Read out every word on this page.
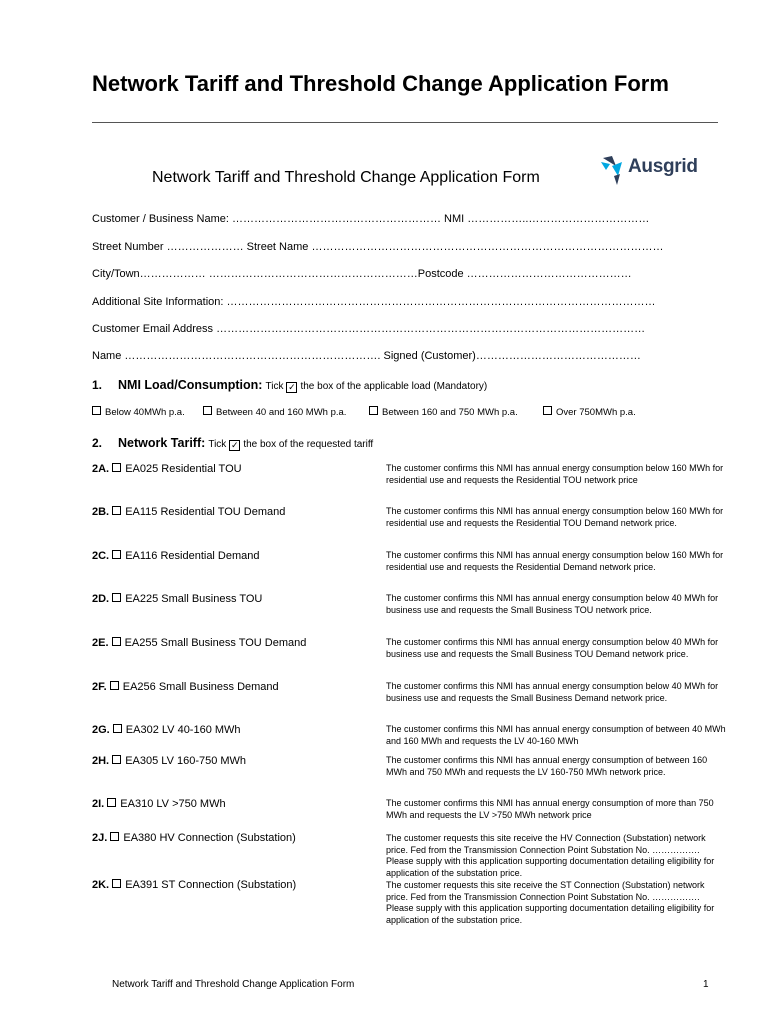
Network Tariff and Threshold Change Application Form
Network Tariff and Threshold Change Application Form
Ausgrid
Customer / Business Name: ………………………………………………… NMI ……………..……………………………
Street Number ………………… Street Name ……………………………………………………………………………………
City/Town……………… …………………………………………………Postcode ………………………………………
Additional Site Information: ………………………………………………………………………………………………………
Customer Email Address ………………………………………………………………………………………………………
Name ……………………………………………………………. Signed (Customer)………………………………………
1. NMI Load/Consumption: Tick ✓ the box of the applicable load (Mandatory)
Below 40MWh p.a.	Between 40 and 160 MWh p.a.	Between 160 and 750 MWh p.a.	Over 750MWh p.a.
2. Network Tariff: Tick ✓ the box of the requested tariff
2A. EA025 Residential TOU	The customer confirms this NMI has annual energy consumption below 160 MWh for residential use and requests the Residential TOU network price
2B. EA115 Residential TOU Demand	The customer confirms this NMI has annual energy consumption below 160 MWh for residential use and requests the Residential TOU Demand network price.
2C. EA116 Residential Demand	The customer confirms this NMI has annual energy consumption below 160 MWh for residential use and requests the Residential Demand network price.
2D. EA225 Small Business TOU	The customer confirms this NMI has annual energy consumption below 40 MWh for business use and requests the Small Business TOU network price.
2E. EA255 Small Business TOU Demand	The customer confirms this NMI has annual energy consumption below 40 MWh for business use and requests the Small Business TOU Demand network price.
2F. EA256 Small Business Demand	The customer confirms this NMI has annual energy consumption below 40 MWh for business use and requests the Small Business Demand network price.
2G. EA302 LV 40-160 MWh	The customer confirms this NMI has annual energy consumption of between 40 MWh and 160 MWh and requests the LV 40-160 MWh
2H. EA305 LV 160-750 MWh	The customer confirms this NMI has annual energy consumption of between 160 MWh and 750 MWh and requests the LV 160-750 MWh network price.
2I. EA310 LV >750 MWh	The customer confirms this NMI has annual energy consumption of more than 750 MWh and requests the LV >750 MWh network price
2J. EA380 HV Connection (Substation)	The customer requests this site receive the HV Connection (Substation) network price. Fed from the Transmission Connection Point Substation No. ……………. Please supply with this application supporting documentation detailing eligibility for application of the substation price.
2K. EA391 ST Connection (Substation)	The customer requests this site receive the ST Connection (Substation) network price. Fed from the Transmission Connection Point Substation No. ……………. Please supply with this application supporting documentation detailing eligibility for application of the substation price.
Network Tariff and Threshold Change Application Form	1
